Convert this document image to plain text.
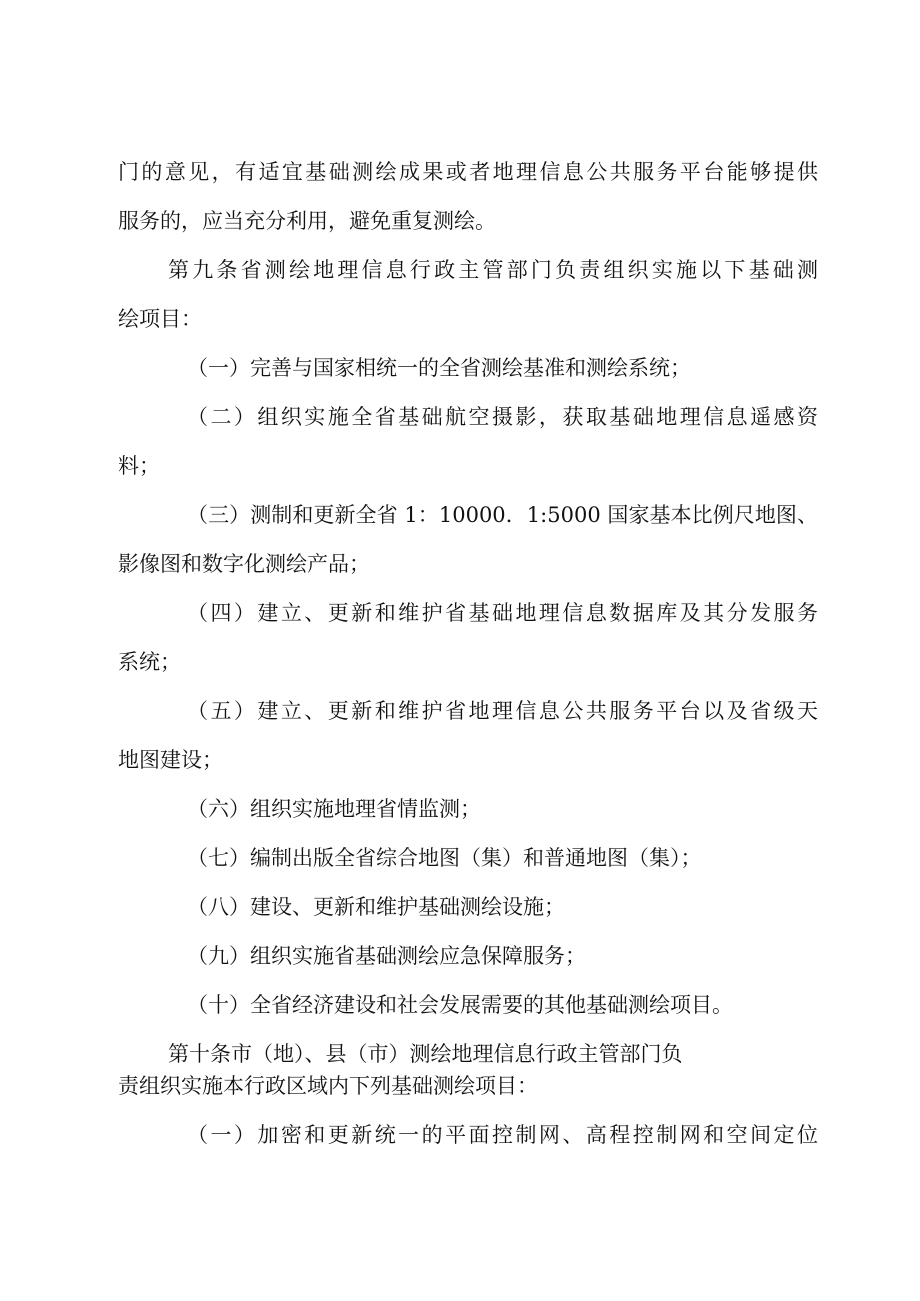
门的意见，有适宜基础测绘成果或者地理信息公共服务平台能够提供

服务的，应当充分利用，避免重复测绘。

第九条省测绘地理信息行政主管部门负责组织实施以下基础测

绘项目：

（一）完善与国家相统一的全省测绘基准和测绘系统；

（二）组织实施全省基础航空摄影，获取基础地理信息遥感资

料；

（三）测制和更新全省 1：10000．1:5000 国家基本比例尺地图、

影像图和数字化测绘产品；

（四）建立、更新和维护省基础地理信息数据库及其分发服务

系统；

（五）建立、更新和维护省地理信息公共服务平台以及省级天

地图建设；

（六）组织实施地理省情监测；

（七）编制出版全省综合地图（集）和普通地图（集）；

（八）建设、更新和维护基础测绘设施；

（九）组织实施省基础测绘应急保障服务；

（十）全省经济建设和社会发展需要的其他基础测绘项目。

第十条市（地）、县（市）测绘地理信息行政主管部门负

责组织实施本行政区域内下列基础测绘项目：

（一）加密和更新统一的平面控制网、高程控制网和空间定位
